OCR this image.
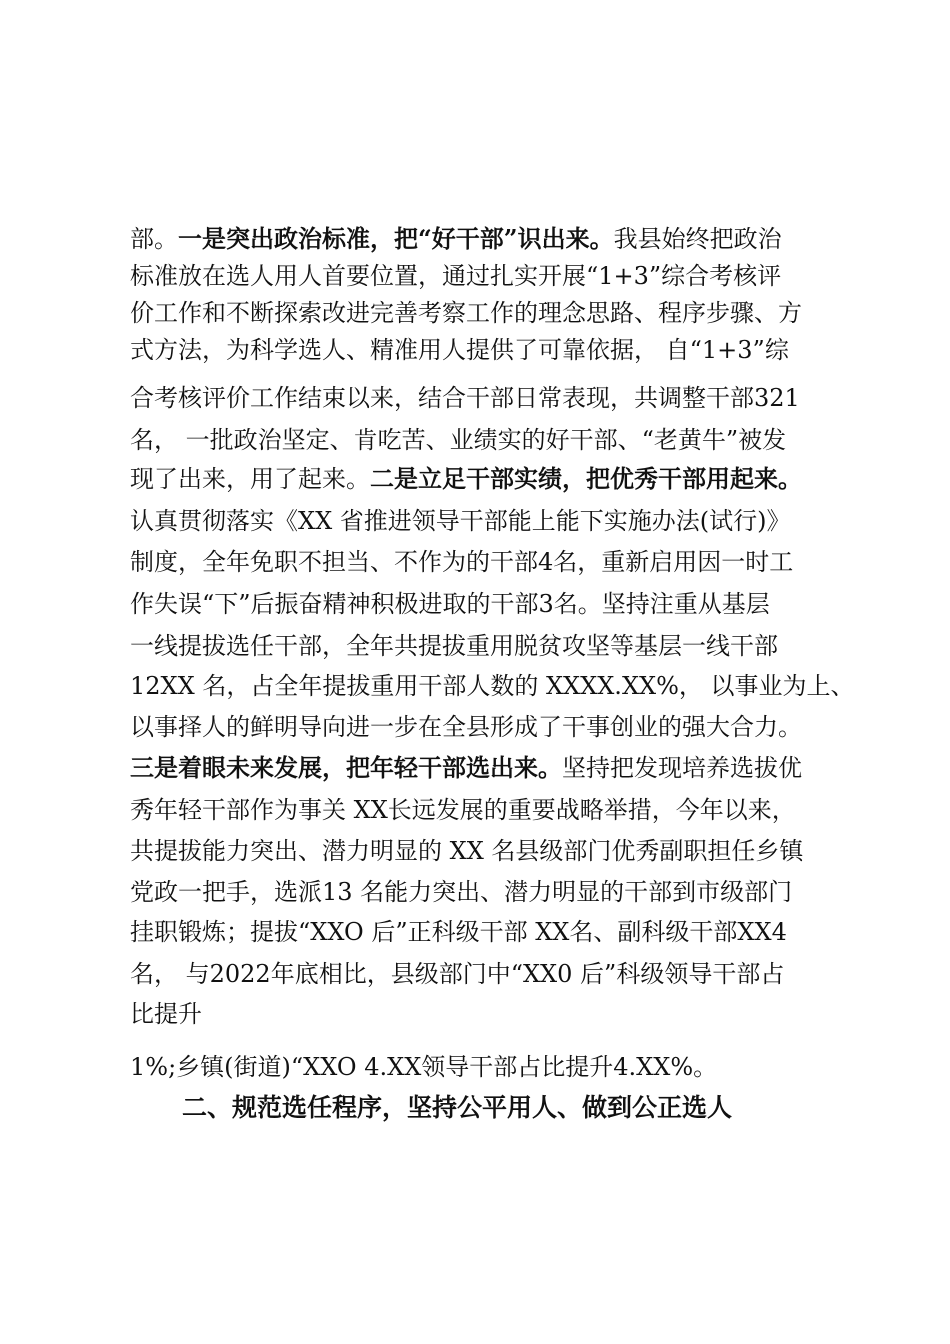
部。一是突出政治标准，把“好干部”识出来。我县始终把政治
标准放在选人用人首要位置，通过扎实开展“1+3”综合考核评
价工作和不断探索改进完善考察工作的理念思路、程序步骤、方
式方法，为科学选人、精准用人提供了可靠依据， 自“1+3”综
合考核评价工作结束以来，结合干部日常表现，共调整干部321
名， 一批政治坚定、肯吃苦、业绩实的好干部、“老黄牛”被发
现了出来，用了起来。二是立足干部实绩，把优秀干部用起来。
认真贯彻落实《XX 省推进领导干部能上能下实施办法(试行)》
制度，全年免职不担当、不作为的干部4名，重新启用因一时工
作失误“下”后振奋精神积极进取的干部3名。坚持注重从基层
一线提拔选任干部，全年共提拔重用脱贫攻坚等基层一线干部
12XX 名，占全年提拔重用干部人数的 XXXX.XX%， 以事业为上、
以事择人的鲜明导向进一步在全县形成了干事创业的强大合力。
三是着眼未来发展，把年轻干部选出来。坚持把发现培养选拔优
秀年轻干部作为事关 XX长远发展的重要战略举措，今年以来，
共提拔能力突出、潜力明显的 XX 名县级部门优秀副职担任乡镇
党政一把手，选派13 名能力突出、潜力明显的干部到市级部门
挂职锻炼；提拔“XXO 后”正科级干部 XX名、副科级干部XX4
名， 与2022年底相比，县级部门中“XX0 后”科级领导干部占
比提升
1%;乡镇(街道)“XXO 4.XX领导干部占比提升4.XX%。
二、规范选任程序，坚持公平用人、做到公正选人
